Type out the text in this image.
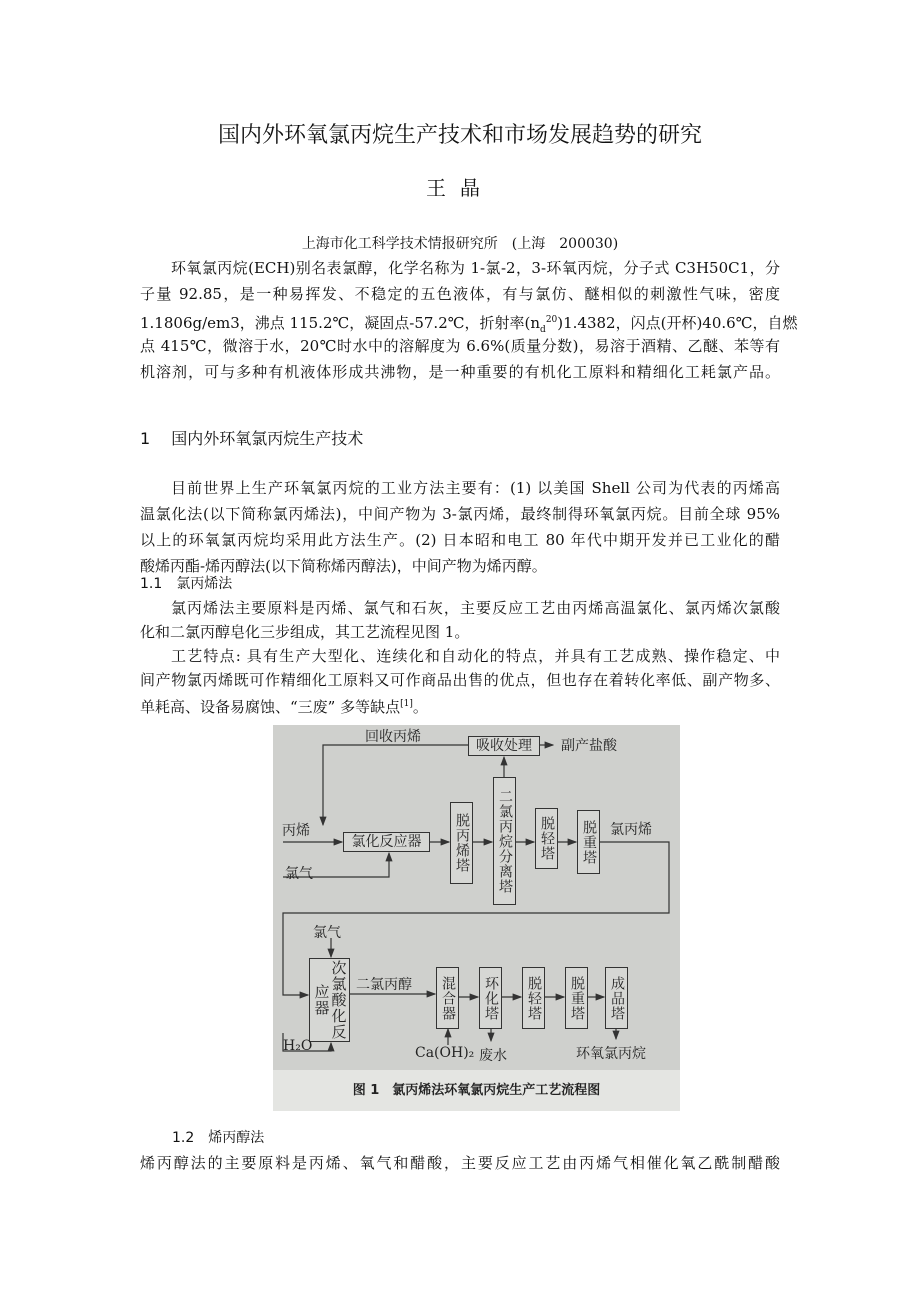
国内外环氧氯丙烷生产技术和市场发展趋势的研究
王晶
上海市化工科学技术情报研究所　(上海　200030)
环氧氯丙烷(ECH)别名表氯醇，化学名称为 1-氯-2，3-环氧丙烷，分子式 C3H50C1，分
子量 92.85，是一种易挥发、不稳定的五色液体，有与氯仿、醚相似的刺激性气味，密度
1.1806g/em3，沸点 115.2℃，凝固点-57.2℃，折射率$(n_d^{20})1.4382$，闪点(开杯)40.6℃，自燃
点 415℃，微溶于水，20℃时水中的溶解度为 6.6%(质量分数)，易溶于酒精、乙醚、苯等有
机溶剂，可与多种有机液体形成共沸物，是一种重要的有机化工原料和精细化工耗氯产品。
1　 国内外环氧氯丙烷生产技术
目前世界上生产环氧氯丙烷的工业方法主要有：(1) 以美国 Shell 公司为代表的丙烯高
温氯化法(以下简称氯丙烯法)，中间产物为 3-氯丙烯，最终制得环氧氯丙烷。目前全球 95%
以上的环氧氯丙烷均采用此方法生产。(2) 日本昭和电工 80 年代中期开发并已工业化的醋
酸烯丙酯-烯丙醇法(以下简称烯丙醇法)，中间产物为烯丙醇。
1.1　氯丙烯法
氯丙烯法主要原料是丙烯、氯气和石灰，主要反应工艺由丙烯高温氯化、氯丙烯次氯酸
化和二氯丙醇皂化三步组成，其工艺流程见图 1。
工艺特点: 具有生产大型化、连续化和自动化的特点，并具有工艺成熟、操作稳定、中
间产物氯丙烯既可作精细化工原料又可作商品出售的优点，但也存在着转化率低、副产物多、
单耗高、设备易腐蚀、“三废” 多等缺点[1]。
回收丙烯
吸收处理	副产盐酸
丙烯
氯气
氯化反应器	脱丙烯塔 二氯丙烷分离塔 脱轻塔 脱重塔 氯丙烯
氯气
次氯酸化反应器
H₂O
二氯丙醇 混合器 环化塔 脱轻塔 脱重塔 成品塔
Ca(OH)₂ 废水	环氧氯丙烷
图 1　氯丙烯法环氧氯丙烷生产工艺流程图
1.2　烯丙醇法
烯丙醇法的主要原料是丙烯、氧气和醋酸，主要反应工艺由丙烯气相催化氧乙酰制醋酸
